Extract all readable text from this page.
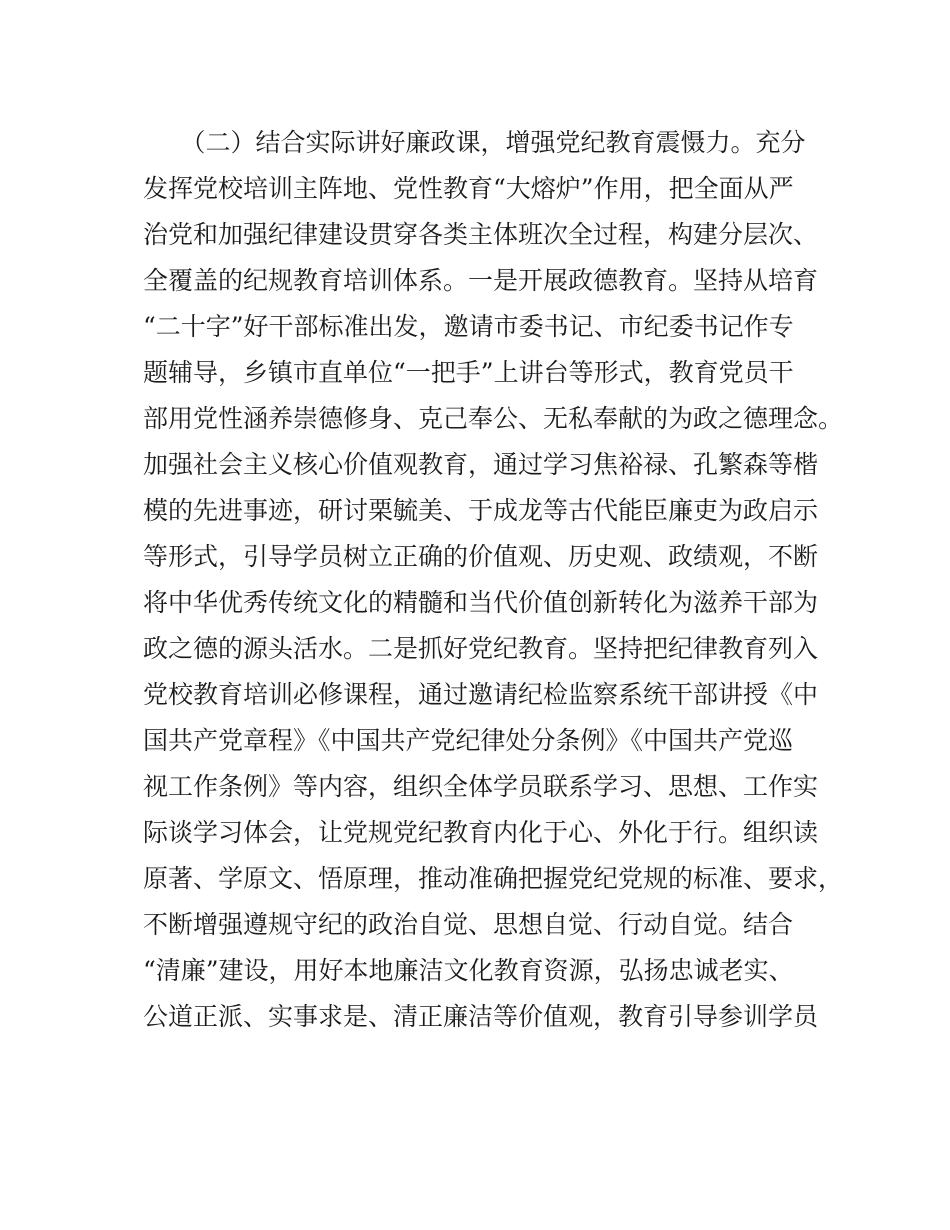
　　（二）结合实际讲好廉政课，增强党纪教育震慑力。充分
发挥党校培训主阵地、党性教育“大熔炉”作用，把全面从严
治党和加强纪律建设贯穿各类主体班次全过程，构建分层次、
全覆盖的纪规教育培训体系。一是开展政德教育。坚持从培育
“二十字”好干部标准出发，邀请市委书记、市纪委书记作专
题辅导，乡镇市直单位“一把手”上讲台等形式，教育党员干
部用党性涵养崇德修身、克己奉公、无私奉献的为政之德理念。
加强社会主义核心价值观教育，通过学习焦裕禄、孔繁森等楷
模的先进事迹，研讨栗毓美、于成龙等古代能臣廉吏为政启示
等形式，引导学员树立正确的价值观、历史观、政绩观，不断
将中华优秀传统文化的精髓和当代价值创新转化为滋养干部为
政之德的源头活水。二是抓好党纪教育。坚持把纪律教育列入
党校教育培训必修课程，通过邀请纪检监察系统干部讲授《中
国共产党章程》《中国共产党纪律处分条例》《中国共产党巡
视工作条例》等内容，组织全体学员联系学习、思想、工作实
际谈学习体会，让党规党纪教育内化于心、外化于行。组织读
原著、学原文、悟原理，推动准确把握党纪党规的标准、要求，
不断增强遵规守纪的政治自觉、思想自觉、行动自觉。结合
“清廉”建设，用好本地廉洁文化教育资源，弘扬忠诚老实、
公道正派、实事求是、清正廉洁等价值观，教育引导参训学员
